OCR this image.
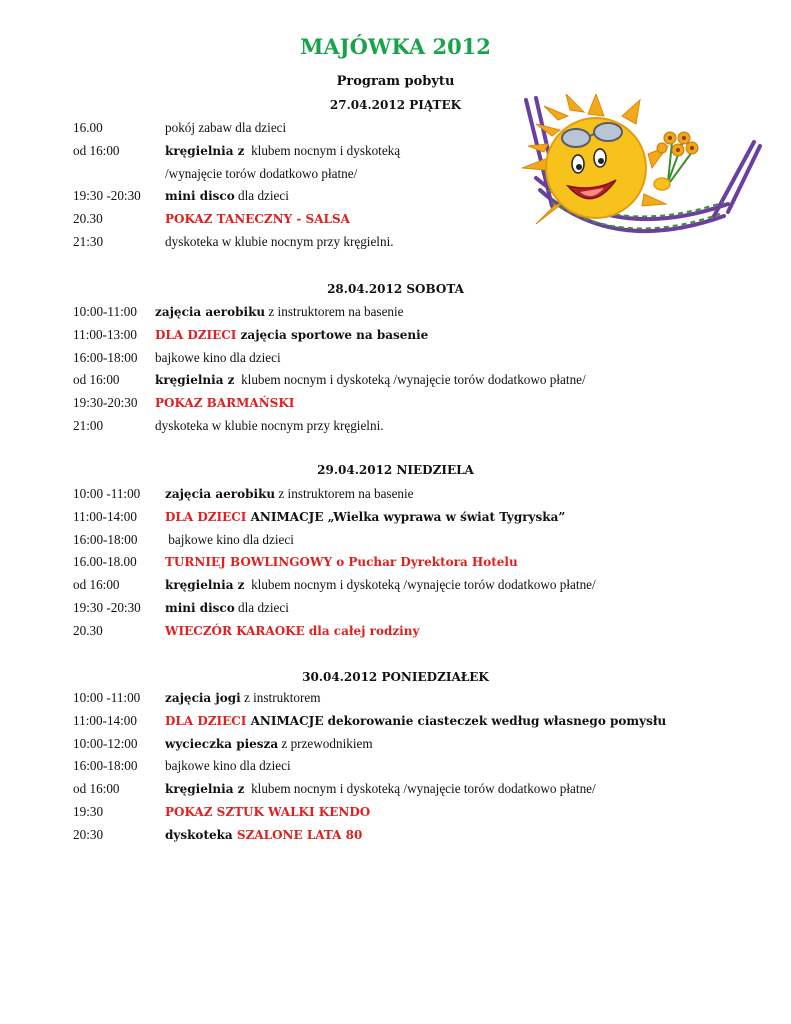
MAJÓWKA 2012
Program pobytu
27.04.2012 PIĄTEK
16.00	pokój zabaw dla dzieci
od 16:00	kręgielnia z  klubem nocnym i dyskoteką
/wynajęcie torów dodatkowo płatne/
19:30 -20:30 mini disco dla dzieci
20.30	POKAZ TANECZNY - SALSA
21:30	dyskoteka w klubie nocnym przy kręgielni.
28.04.2012 SOBOTA
10:00-11:00 zajęcia aerobiku z instruktorem na basenie
11:00-13:00 DLA DZIECI zajęcia sportowe na basenie
16:00-18:00 bajkowe kino dla dzieci
od 16:00	kręgielnia z  klubem nocnym i dyskoteką /wynajęcie torów dodatkowo płatne/
19:30-20:30 POKAZ BARMAŃSKI
21:00	dyskoteka w klubie nocnym przy kręgielni.
29.04.2012 NIEDZIELA
10:00 -11:00 zajęcia aerobiku z instruktorem na basenie
11:00-14:00 DLA DZIECI ANIMACJE „Wielka wyprawa w świat Tygryska”
16:00-18:00 bajkowe kino dla dzieci
16.00-18.00 TURNIEJ BOWLINGOWY o Puchar Dyrektora Hotelu
od 16:00	kręgielnia z  klubem nocnym i dyskoteką /wynajęcie torów dodatkowo płatne/
19:30 -20:30 mini disco dla dzieci
20.30	WIECZÓR KARAOKE dla całej rodziny
30.04.2012 PONIEDZIAŁEK
10:00 -11:00 zajęcia jogi z instruktorem
11:00-14:00 DLA DZIECI ANIMACJE dekorowanie ciasteczek według własnego pomysłu
10:00-12:00 wycieczka piesza z przewodnikiem
16:00-18:00 bajkowe kino dla dzieci
od 16:00	kręgielnia z  klubem nocnym i dyskoteką /wynajęcie torów dodatkowo płatne/
19:30	POKAZ SZTUK WALKI KENDO
20:30	dyskoteka SZALONE LATA 80
